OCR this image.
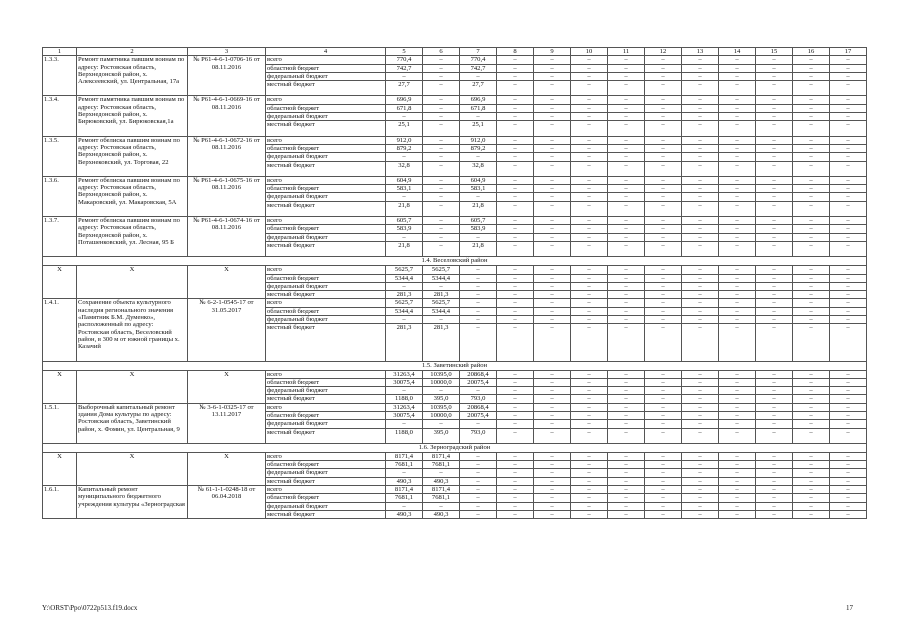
1	2	3	4	5	6	7	8	9	10	11	12	13	14	15	16	17
1.3.3.	Ремонт памятника павшим воинам по адресу: Ростовская область, Верхнедонской район, х. Алексеевский, ул. Центральная, 17а	№ Р61-4-6-1-0706-16 от 08.11.2016	всего	770,4	–	770,4	–	–	–	–	–	–	–	–	–	–
			областной бюджет	742,7	–	742,7	–	–	–	–	–	–	–	–	–	–
			федеральный бюджет	–	–	–	–	–	–	–	–	–	–	–	–	–
			местный бюджет	27,7	–	27,7	–	–	–	–	–	–	–	–	–	–
1.3.4.	Ремонт памятника павшим воинам по адресу: Ростовская область, Верхнедонской район, х. Бирюковский, ул. Бирюковская,1а	№ Р61-4-6-1-0669-16 от 08.11.2016	всего	696,9	–	696,9	–	–	–	–	–	–	–	–	–	–
			областной бюджет	671,8	–	671,8	–	–	–	–	–	–	–	–	–	–
			федеральный бюджет	–	–	–	–	–	–	–	–	–	–	–	–	–
			местный бюджет	25,1	–	25,1	–	–	–	–	–	–	–	–	–	–
1.3.5.	Ремонт обелиска павшим воинам по адресу: Ростовская область, Верхнедонской район, х. Верхнековский, ул. Торговая, 22	№ Р61-4-6-1-0672-16 от 08.11.2016	всего	912,0	–	912,0	–	–	–	–	–	–	–	–	–	–
			областной бюджет	879,2	–	879,2	–	–	–	–	–	–	–	–	–	–
			федеральный бюджет	–	–	–	–	–	–	–	–	–	–	–	–	–
			местный бюджет	32,8	–	32,8	–	–	–	–	–	–	–	–	–	–
1.3.6.	Ремонт обелиска павшим воинам по адресу: Ростовская область, Верхнедонской район, х. Макаровский, ул. Макаровская, 5А	№ Р61-4-6-1-0675-16 от 08.11.2016	всего	604,9	–	604,9	–	–	–	–	–	–	–	–	–	–
			областной бюджет	583,1	–	583,1	–	–	–	–	–	–	–	–	–	–
			федеральный бюджет	–	–	–	–	–	–	–	–	–	–	–	–	–
			местный бюджет	21,8	–	21,8	–	–	–	–	–	–	–	–	–	–
1.3.7.	Ремонт обелиска павшим воинам по адресу: Ростовская область, Верхнедонской район, х. Поташенковский, ул. Лесная, 95 Б	№ Р61-4-6-1-0674-16 от 08.11.2016	всего	605,7	–	605,7	–	–	–	–	–	–	–	–	–	–
			областной бюджет	583,9	–	583,9	–	–	–	–	–	–	–	–	–	–
			федеральный бюджет	–	–	–	–	–	–	–	–	–	–	–	–	–
			местный бюджет	21,8	–	21,8	–	–	–	–	–	–	–	–	–	–
1.4. Веселовский район																
Х	Х	Х	всего	5625,7	5625,7	–	–	–	–	–	–	–	–	–	–	–
			областной бюджет	5344,4	5344,4	–	–	–	–	–	–	–	–	–	–	–
			федеральный бюджет	–	–	–	–	–	–	–	–	–	–	–	–	–
			местный бюджет	281,3	281,3	–	–	–	–	–	–	–	–	–	–	–
1.4.1.	Сохранение объекта культурного наследия регионального значения «Памятник Б.М. Думенко», расположенный по адресу: Ростовская область, Веселовский район, в 300 м от южной границы х. Казачий	№ 6-2-1-0545-17 от 31.05.2017	всего	5625,7	5625,7	–	–	–	–	–	–	–	–	–	–	–
			областной бюджет	5344,4	5344,4	–	–	–	–	–	–	–	–	–	–	–
			федеральный бюджет	–	–	–	–	–	–	–	–	–	–	–	–	–
			местный бюджет	281,3	281,3	–	–	–	–	–	–	–	–	–	–	–
1.5. Заветинский район																
Х	Х	Х	всего	31263,4	10395,0	20868,4	–	–	–	–	–	–	–	–	–	–
			областной бюджет	30075,4	10000,0	20075,4	–	–	–	–	–	–	–	–	–	–
			федеральный бюджет	–	–	–	–	–	–	–	–	–	–	–	–	–
			местный бюджет	1188,0	395,0	793,0	–	–	–	–	–	–	–	–	–	–
1.5.1.	Выборочный капитальный ремонт здания Дома культуры по адресу: Ростовская область, Заветинский район, х. Фомин, ул. Центральная, 9	№ 3-6-1-0325-17 от 13.11.2017	всего	31263,4	10395,0	20868,4	–	–	–	–	–	–	–	–	–	–
			областной бюджет	30075,4	10000,0	20075,4	–	–	–	–	–	–	–	–	–	–
			федеральный бюджет	–	–	–	–	–	–	–	–	–	–	–	–	–
			местный бюджет	1188,0	395,0	793,0	–	–	–	–	–	–	–	–	–	–
1.6. Зерноградский район																
Х	Х	Х	всего	8171,4	8171,4	–	–	–	–	–	–	–	–	–	–	–
			областной бюджет	7681,1	7681,1	–	–	–	–	–	–	–	–	–	–	–
			федеральный бюджет	–	–	–	–	–	–	–	–	–	–	–	–	–
			местный бюджет	490,3	490,3	–	–	–	–	–	–	–	–	–	–	–
1.6.1.	Капитальный ремонт муниципального бюджетного учреждения культуры «Зерноградская	№ 61-1-1-0248-18 от 06.04.2018	всего	8171,4	8171,4	–	–	–	–	–	–	–	–	–	–	–
			областной бюджет	7681,1	7681,1	–	–	–	–	–	–	–	–	–	–	–
			федеральный бюджет	–	–	–	–	–	–	–	–	–	–	–	–	–
			местный бюджет	490,3	490,3	–	–	–	–	–	–	–	–	–	–	–
Y:\ORST\Ppo\0722p513.f19.docx	17
